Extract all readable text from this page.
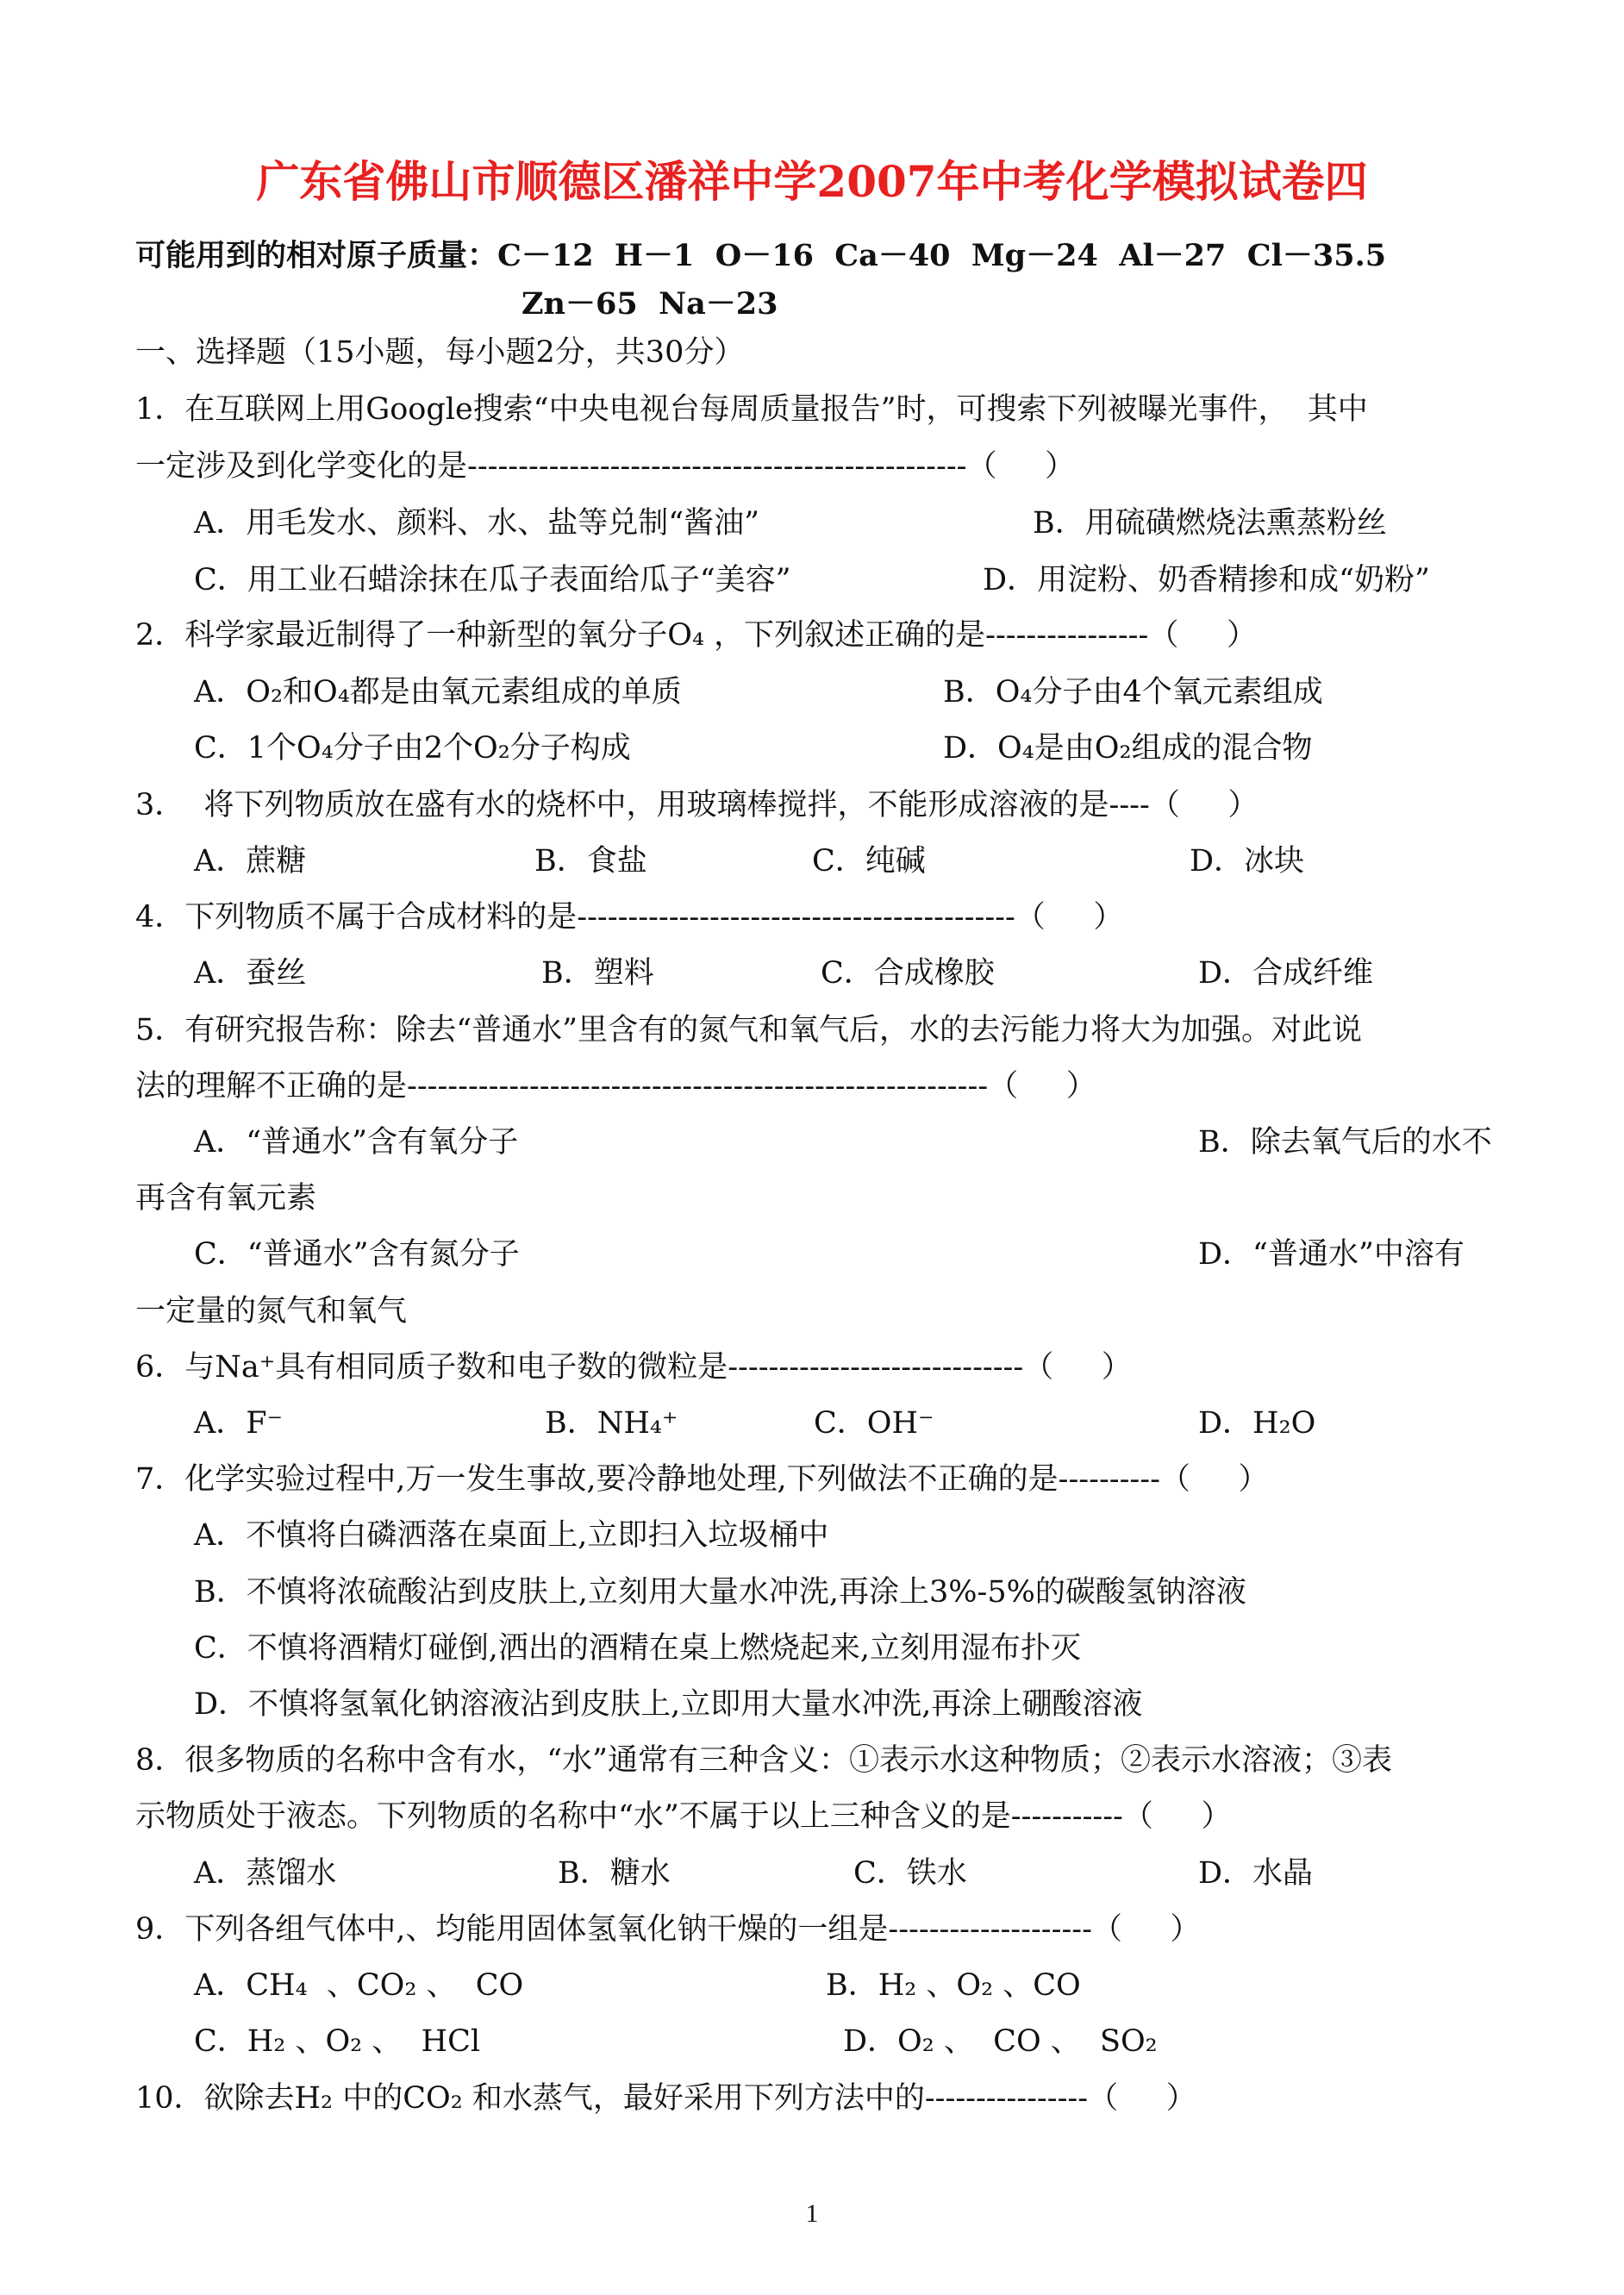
广东省佛山市顺德区潘祥中学2007年中考化学模拟试卷四
可能用到的相对原子质量：C－12  H－1  O－16  Ca－40  Mg－24  Al－27  Cl－35.5
Zn－65  Na－23
一、选择题（15小题，每小题2分，共30分）
1．在互联网上用Google搜索“中央电视台每周质量报告”时，可搜索下列被曝光事件，  其中
一定涉及到化学变化的是-------------------------------------------------（     ）
A．用毛发水、颜料、水、盐等兑制“酱油”	B．用硫磺燃烧法熏蒸粉丝
C．用工业石蜡涂抹在瓜子表面给瓜子“美容”	D．用淀粉、奶香精掺和成“奶粉”
2．科学家最近制得了一种新型的氧分子O₄ ，下列叙述正确的是----------------（     ）
A．O₂和O₄都是由氧元素组成的单质	B．O₄分子由4个氧元素组成
C．1个O₄分子由2个O₂分子构成	D．O₄是由O₂组成的混合物
3．  将下列物质放在盛有水的烧杯中，用玻璃棒搅拌，不能形成溶液的是----（     ）
A．蔗糖	B．食盐	C．纯碱	D．冰块
4．下列物质不属于合成材料的是-------------------------------------------（     ）
A．蚕丝	B．塑料	C．合成橡胶	D．合成纤维
5．有研究报告称：除去“普通水”里含有的氮气和氧气后，水的去污能力将大为加强。对此说
法的理解不正确的是---------------------------------------------------------（     ）
A．“普通水”含有氧分子	B．除去氧气后的水不
再含有氧元素
C．“普通水”含有氮分子	D．“普通水”中溶有
一定量的氮气和氧气
6．与Na⁺具有相同质子数和电子数的微粒是-----------------------------（     ）
A．F⁻	B．NH₄⁺	C．OH⁻	D．H₂O
7．化学实验过程中,万一发生事故,要冷静地处理,下列做法不正确的是----------（     ）
A．不慎将白磷洒落在桌面上,立即扫入垃圾桶中
B．不慎将浓硫酸沾到皮肤上,立刻用大量水冲洗,再涂上3%-5%的碳酸氢钠溶液
C．不慎将酒精灯碰倒,洒出的酒精在桌上燃烧起来,立刻用湿布扑灭
D．不慎将氢氧化钠溶液沾到皮肤上,立即用大量水冲洗,再涂上硼酸溶液
8．很多物质的名称中含有水，“水”通常有三种含义：①表示水这种物质；②表示水溶液；③表
示物质处于液态。下列物质的名称中“水”不属于以上三种含义的是-----------（     ）
A．蒸馏水	B．糖水	C．铁水	D．水晶
9．下列各组气体中,、均能用固体氢氧化钠干燥的一组是--------------------（     ）
A．CH₄  、CO₂ 、  CO	B．H₂ 、O₂ 、CO
C．H₂ 、O₂ 、  HCl	D．O₂ 、  CO 、  SO₂
10．欲除去H₂ 中的CO₂ 和水蒸气，最好采用下列方法中的----------------（     ）
1
